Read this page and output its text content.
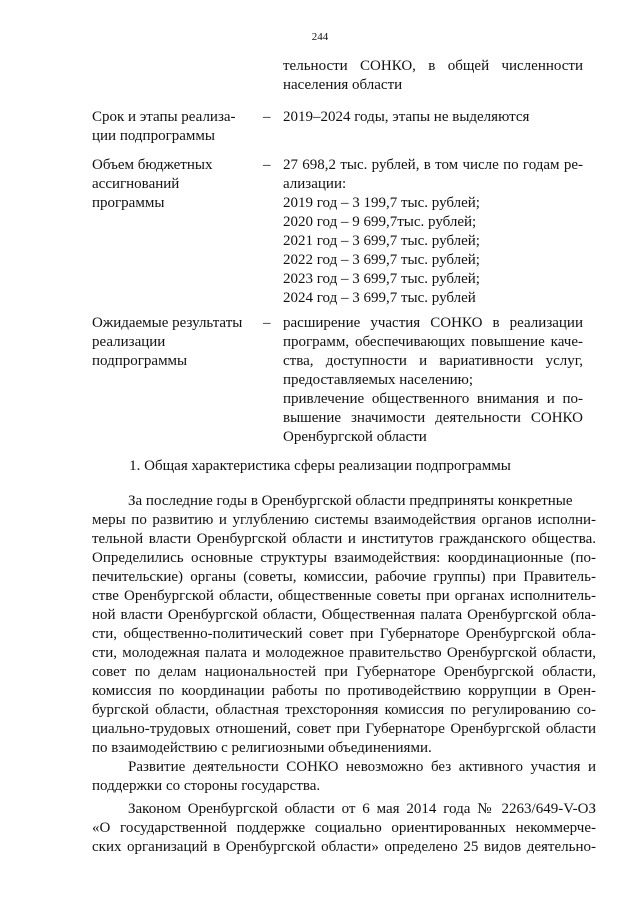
244
тельности СОНКО, в общей численности
населения области
Срок и этапы реализа-
ции подпрограммы
– 2019–2024 годы, этапы не выделяются
Объем бюджетных
ассигнований
программы
– 27 698,2 тыс. рублей, в том числе по годам ре-
ализации:
2019 год – 3 199,7 тыс. рублей;
2020 год – 9 699,7тыс. рублей;
2021 год – 3 699,7 тыс. рублей;
2022 год – 3 699,7 тыс. рублей;
2023 год – 3 699,7 тыс. рублей;
2024 год – 3 699,7 тыс. рублей
Ожидаемые результаты
реализации
подпрограммы
– расширение участия СОНКО в реализации
программ, обеспечивающих повышение каче-
ства, доступности и вариативности услуг,
предоставляемых населению;
привлечение общественного внимания и по-
вышение значимости деятельности СОНКО
Оренбургской области
1. Общая характеристика сферы реализации подпрограммы
За последние годы в Оренбургской области предприняты конкретные
меры по развитию и углублению системы взаимодействия органов исполни-
тельной власти Оренбургской области и институтов гражданского общества.
Определились основные структуры взаимодействия: координационные (по-
печительские) органы (советы, комиссии, рабочие группы) при Правитель-
стве Оренбургской области, общественные советы при органах исполнитель-
ной власти Оренбургской области, Общественная палата Оренбургской обла-
сти, общественно-политический совет при Губернаторе Оренбургской обла-
сти, молодежная палата и молодежное правительство Оренбургской области,
совет по делам национальностей при Губернаторе Оренбургской области,
комиссия по координации работы по противодействию коррупции в Орен-
бургской области, областная трехсторонняя комиссия по регулированию со-
циально-трудовых отношений, совет при Губернаторе Оренбургской области
по взаимодействию с религиозными объединениями.
Развитие деятельности СОНКО невозможно без активного участия и
поддержки со стороны государства.
Законом Оренбургской области от 6 мая 2014 года № 2263/649-V-ОЗ
«О государственной поддержке социально ориентированных некоммерче-
ских организаций в Оренбургской области» определено 25 видов деятельно-
